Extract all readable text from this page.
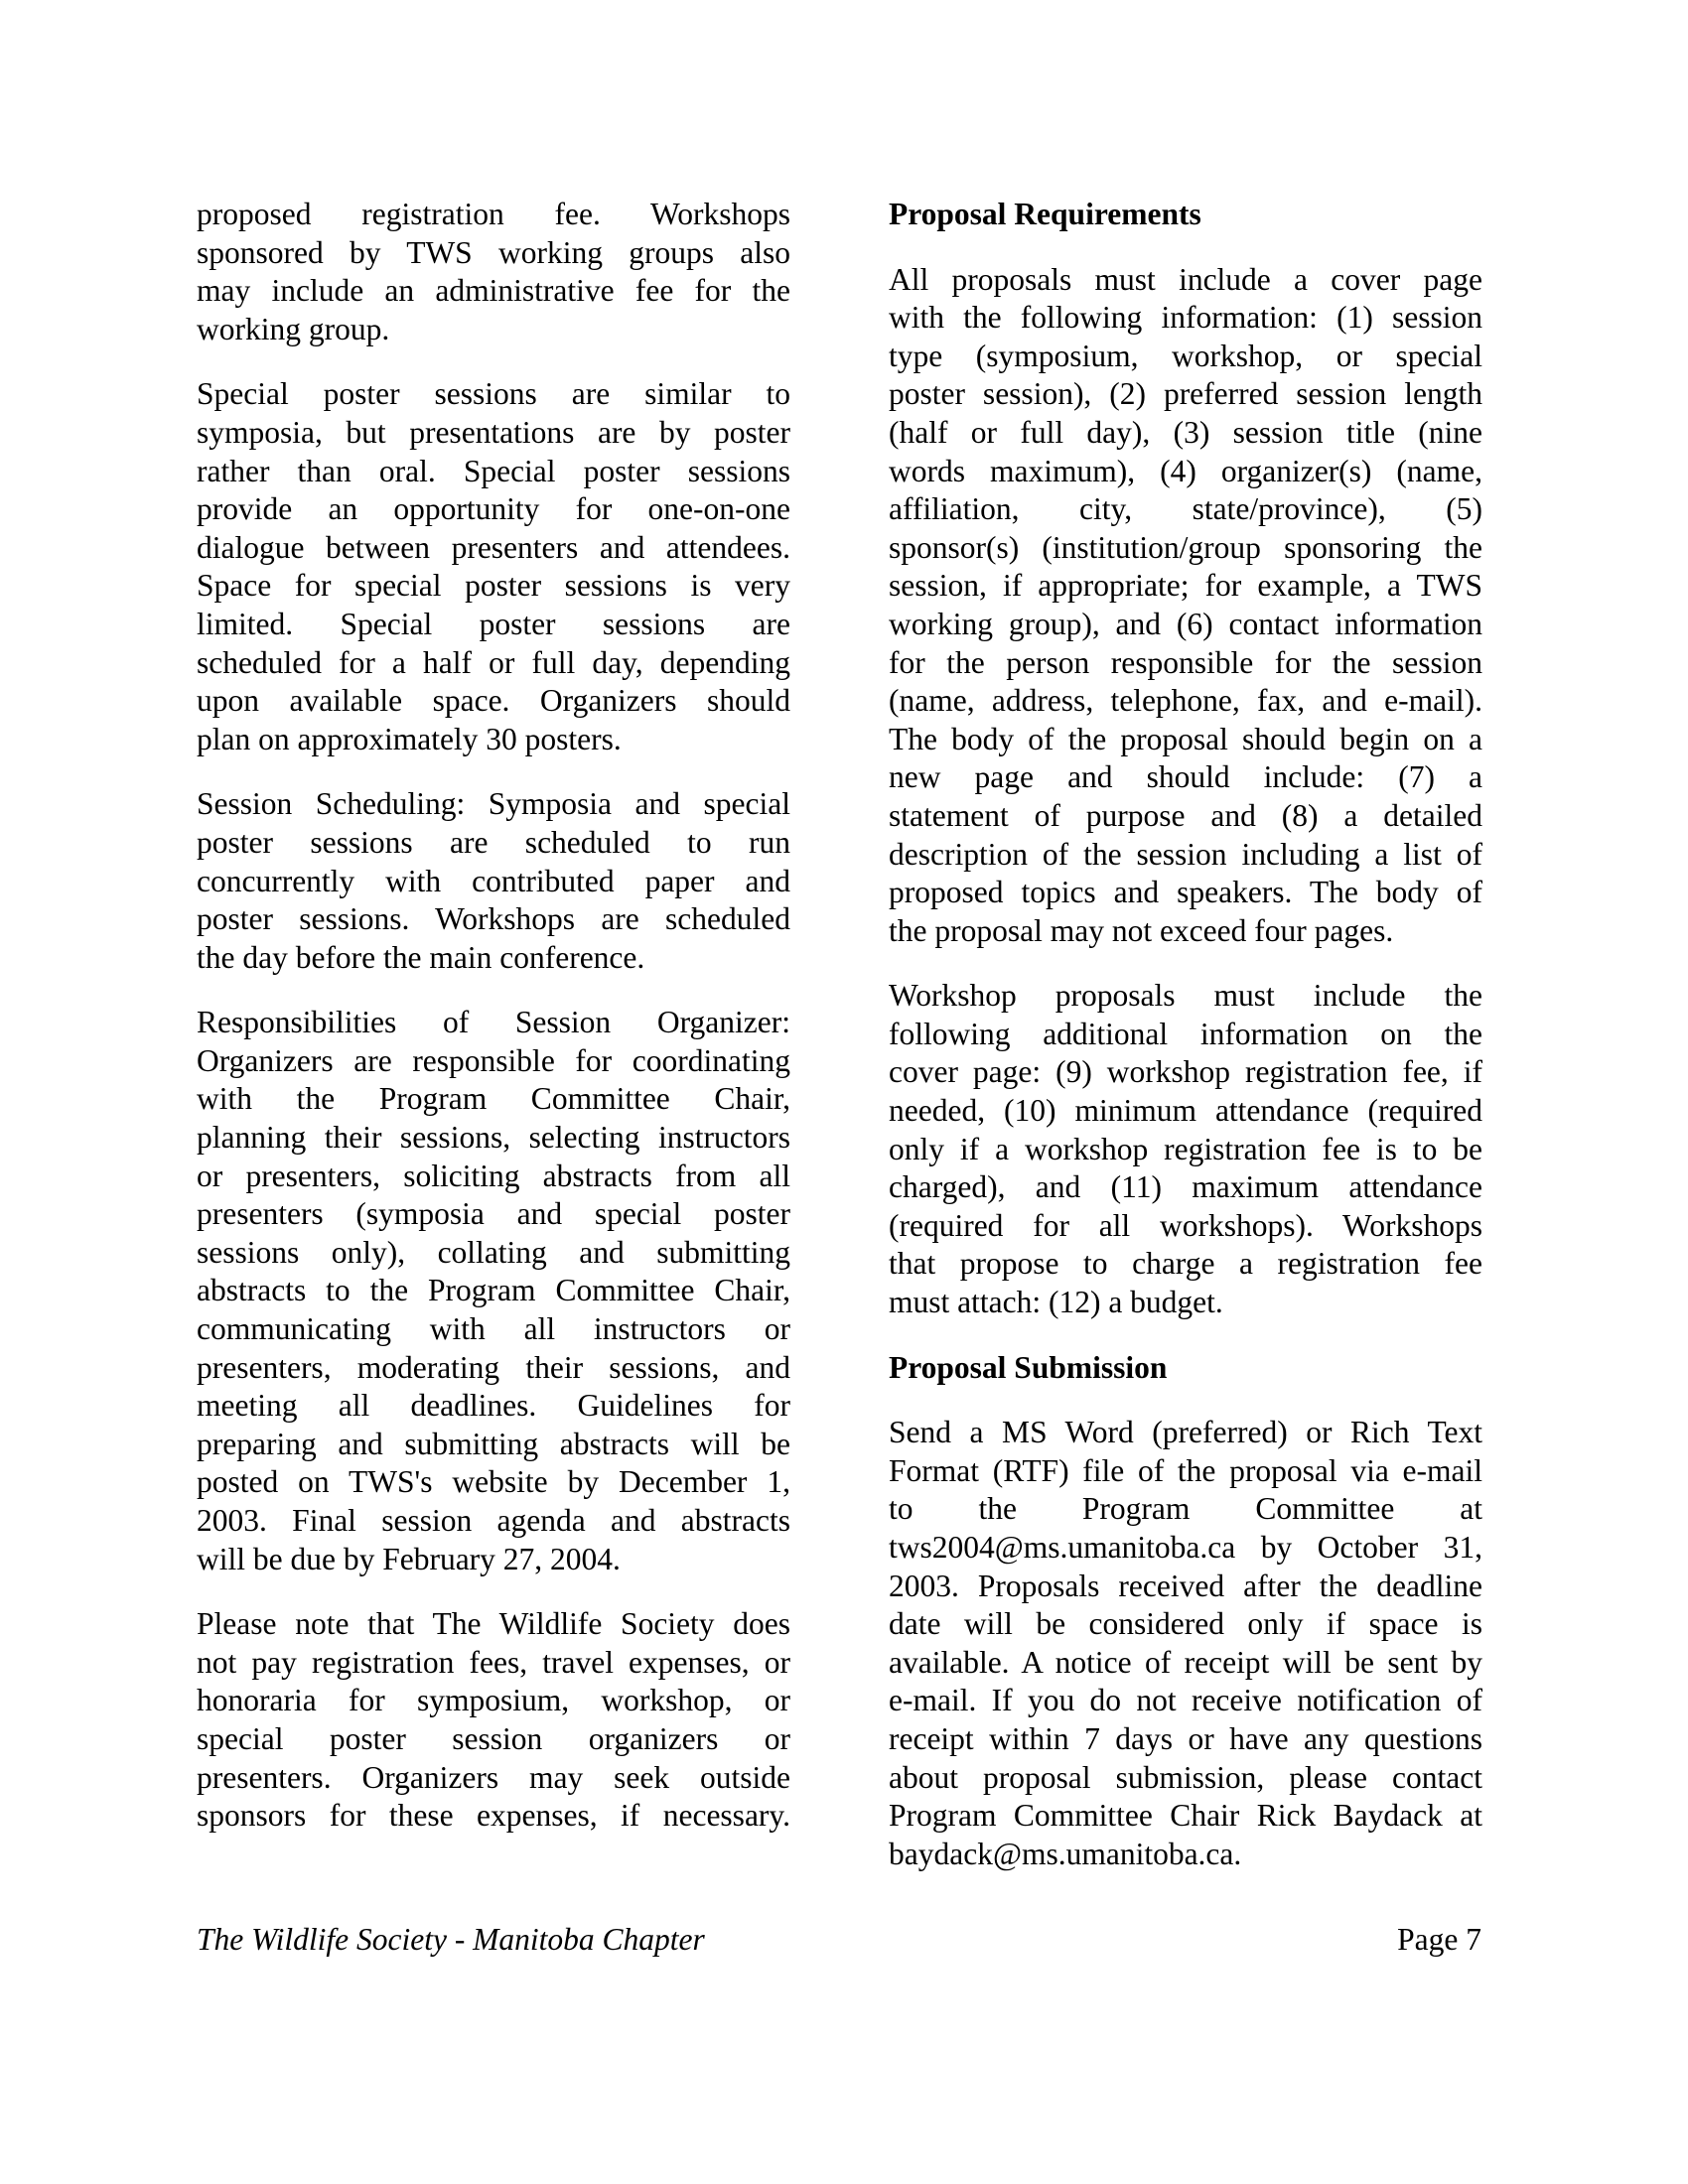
proposed registration fee. Workshops
sponsored by TWS working groups also
may include an administrative fee for the
working group.
Special poster sessions are similar to
symposia, but presentations are by poster
rather than oral. Special poster sessions
provide an opportunity for one-on-one
dialogue between presenters and attendees.
Space for special poster sessions is very
limited. Special poster sessions are
scheduled for a half or full day, depending
upon available space. Organizers should
plan on approximately 30 posters.
Session Scheduling: Symposia and special
poster sessions are scheduled to run
concurrently with contributed paper and
poster sessions. Workshops are scheduled
the day before the main conference.
Responsibilities of Session Organizer:
Organizers are responsible for coordinating
with the Program Committee Chair,
planning their sessions, selecting instructors
or presenters, soliciting abstracts from all
presenters (symposia and special poster
sessions only), collating and submitting
abstracts to the Program Committee Chair,
communicating with all instructors or
presenters, moderating their sessions, and
meeting all deadlines. Guidelines for
preparing and submitting abstracts will be
posted on TWS's website by December 1,
2003. Final session agenda and abstracts
will be due by February 27, 2004.
Please note that The Wildlife Society does
not pay registration fees, travel expenses, or
honoraria for symposium, workshop, or
special poster session organizers or
presenters. Organizers may seek outside
sponsors for these expenses, if necessary.
Proposal Requirements
All proposals must include a cover page
with the following information: (1) session
type (symposium, workshop, or special
poster session), (2) preferred session length
(half or full day), (3) session title (nine
words maximum), (4) organizer(s) (name,
affiliation, city, state/province), (5)
sponsor(s) (institution/group sponsoring the
session, if appropriate; for example, a TWS
working group), and (6) contact information
for the person responsible for the session
(name, address, telephone, fax, and e-mail).
The body of the proposal should begin on a
new page and should include: (7) a
statement of purpose and (8) a detailed
description of the session including a list of
proposed topics and speakers. The body of
the proposal may not exceed four pages.
Workshop proposals must include the
following additional information on the
cover page: (9) workshop registration fee, if
needed, (10) minimum attendance (required
only if a workshop registration fee is to be
charged), and (11) maximum attendance
(required for all workshops). Workshops
that propose to charge a registration fee
must attach: (12) a budget.
Proposal Submission
Send a MS Word (preferred) or Rich Text
Format (RTF) file of the proposal via e-mail
to the Program Committee at
tws2004@ms.umanitoba.ca by October 31,
2003. Proposals received after the deadline
date will be considered only if space is
available. A notice of receipt will be sent by
e-mail. If you do not receive notification of
receipt within 7 days or have any questions
about proposal submission, please contact
Program Committee Chair Rick Baydack at
baydack@ms.umanitoba.ca.
The Wildlife Society - Manitoba Chapter	Page 7
